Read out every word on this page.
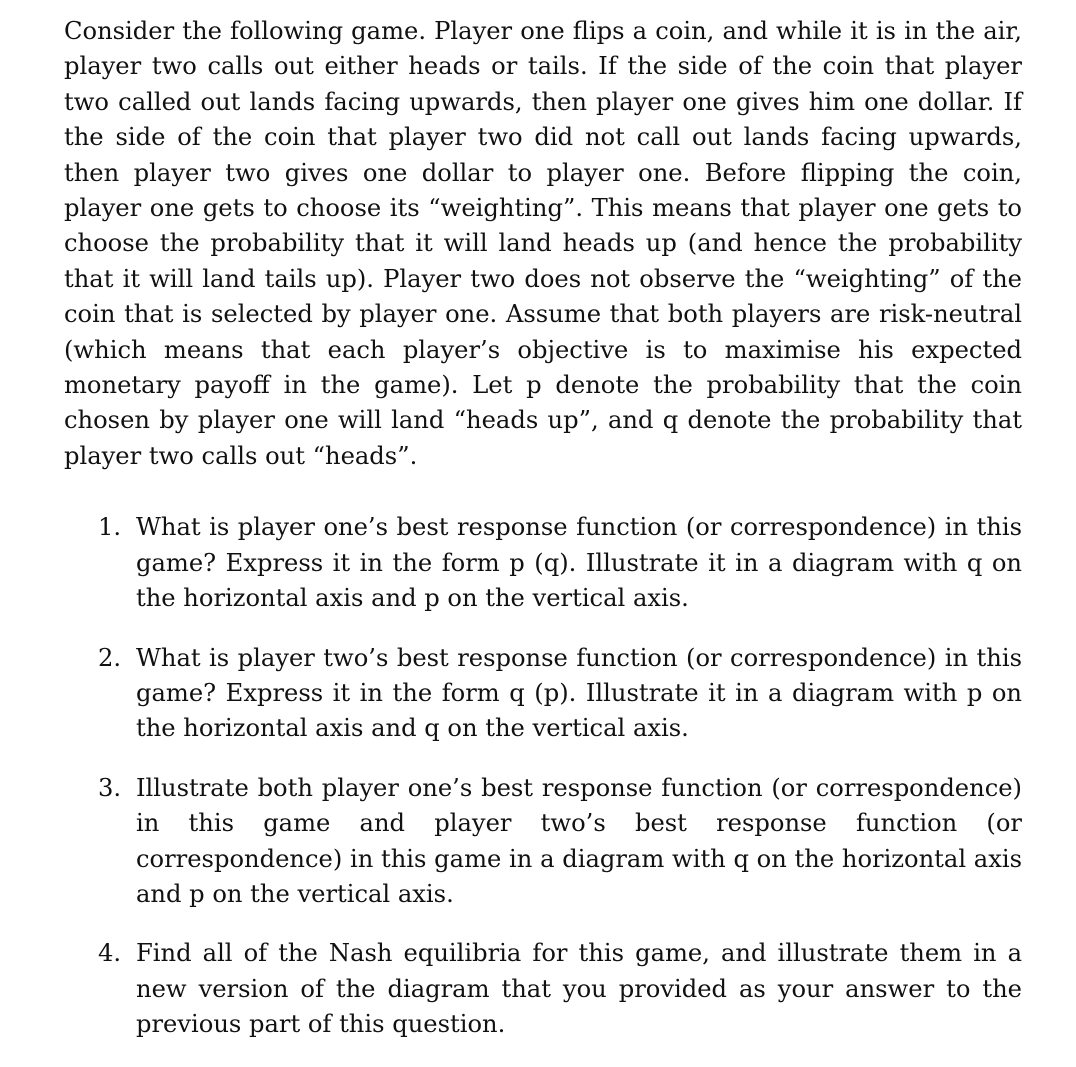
Consider the following game. Player one flips a coin, and while it is in the air, player two calls out either heads or tails. If the side of the coin that player two called out lands facing upwards, then player one gives him one dollar. If the side of the coin that player two did not call out lands facing upwards, then player two gives one dollar to player one. Before flipping the coin, player one gets to choose its “weighting”. This means that player one gets to choose the probability that it will land heads up (and hence the probability that it will land tails up). Player two does not observe the “weighting” of the coin that is selected by player one. Assume that both players are risk-neutral (which means that each player’s objective is to maximise his expected monetary payoff in the game). Let p denote the probability that the coin chosen by player one will land “heads up”, and q denote the probability that player two calls out “heads”.

1. What is player one’s best response function (or correspondence) in this game? Express it in the form p (q). Illustrate it in a diagram with q on the horizontal axis and p on the vertical axis.
2. What is player two’s best response function (or correspondence) in this game? Express it in the form q (p). Illustrate it in a diagram with p on the horizontal axis and q on the vertical axis.
3. Illustrate both player one’s best response function (or correspondence) in this game and player two’s best response function (or correspondence) in this game in a diagram with q on the horizontal axis and p on the vertical axis.
4. Find all of the Nash equilibria for this game, and illustrate them in a new version of the diagram that you provided as your answer to the previous part of this question.
